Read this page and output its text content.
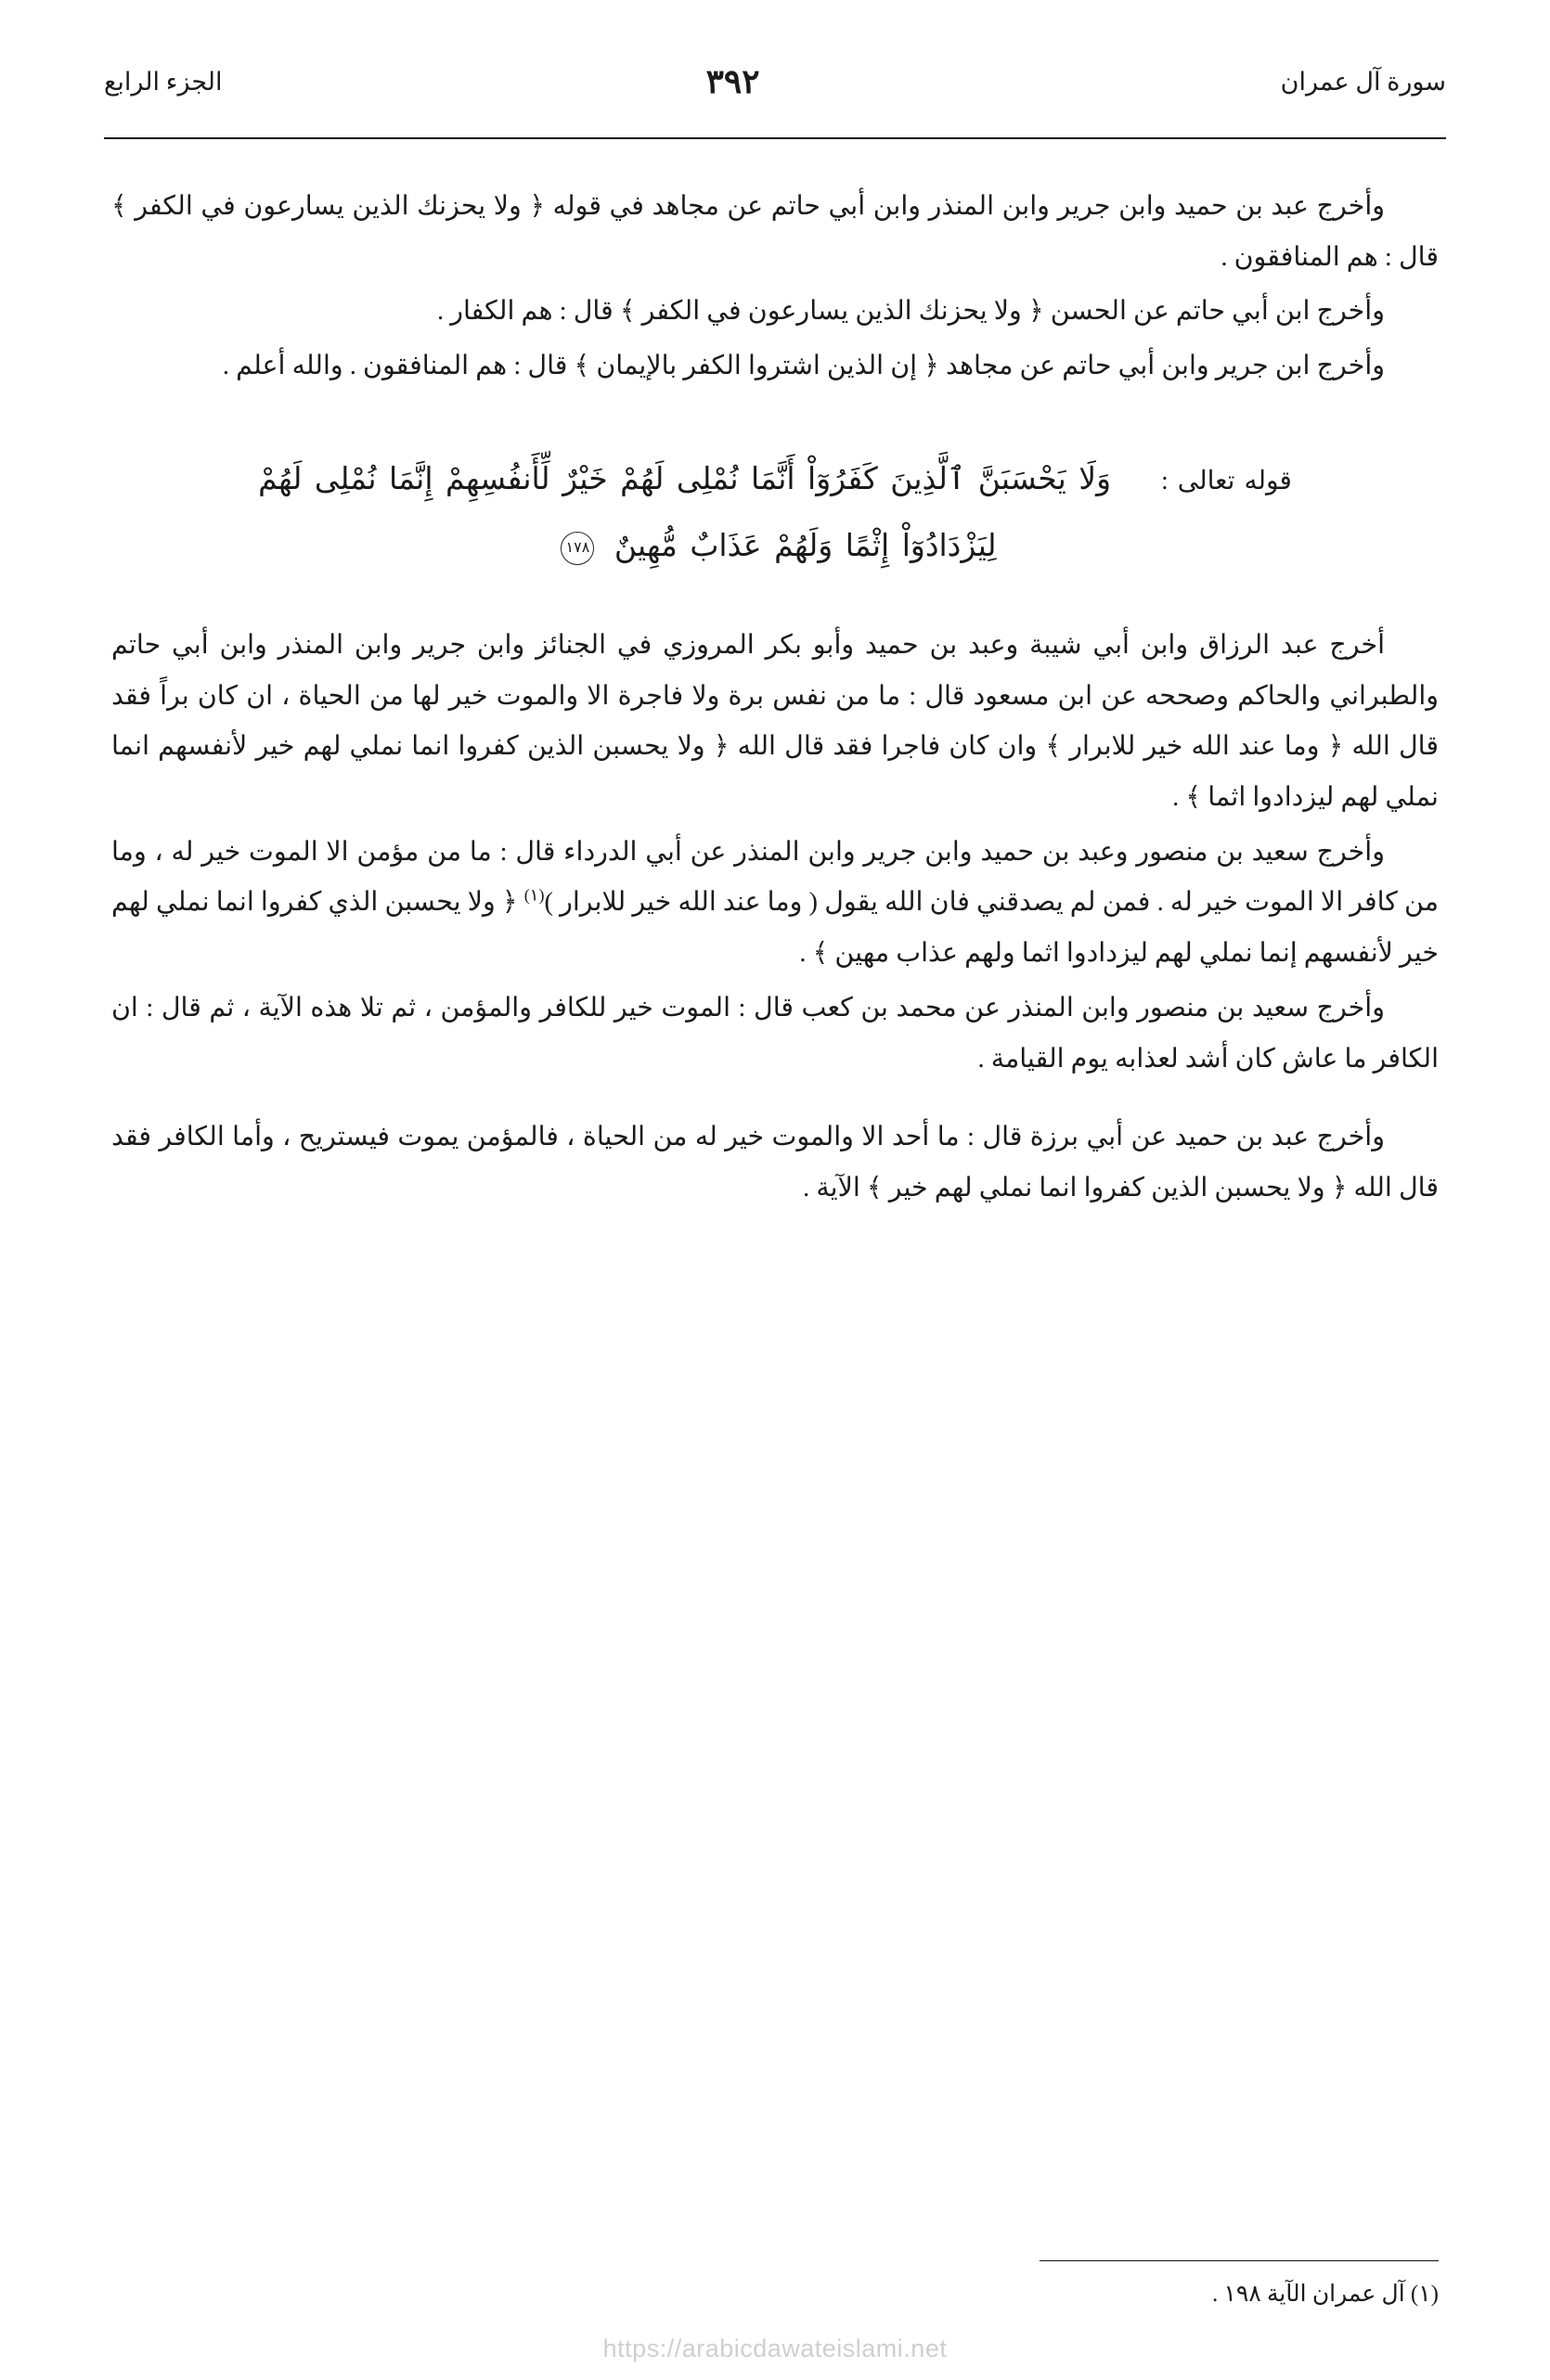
سورة آل عمران
٣٩٢
الجزء الرابع

وأخرج عبد بن حميد وابن جرير وابن المنذر وابن أبي حاتم عن مجاهد في قوله ﴿ ولا يحزنك الذين يسارعون في الكفر ﴾ قال : هم المنافقون .

وأخرج ابن أبي حاتم عن الحسن ﴿ ولا يحزنك الذين يسارعون في الكفر ﴾ قال : هم الكفار .

وأخرج ابن جرير وابن أبي حاتم عن مجاهد ﴿ إن الذين اشتروا الكفر بالإيمان ﴾ قال : هم المنافقون . والله أعلم .

قوله تعالى :    وَلَا يَحْسَبَنَّ ٱلَّذِينَ كَفَرُوٓاْ أَنَّمَا نُمْلِى لَهُمْ خَيْرٌ لِّأَنفُسِهِمْ إِنَّمَا نُمْلِى لَهُمْ
لِيَزْدَادُوٓاْ إِثْمًا وَلَهُمْ عَذَابٌ مُّهِينٌ ١٧٨

أخرج عبد الرزاق وابن أبي شيبة وعبد بن حميد وأبو بكر المروزي في الجنائز وابن جرير وابن المنذر وابن أبي حاتم والطبراني والحاكم وصححه عن ابن مسعود قال : ما من نفس برة ولا فاجرة الا والموت خير لها من الحياة ، ان كان براً فقد قال الله ﴿ وما عند الله خير للابرار ﴾ وان كان فاجرا فقد قال الله ﴿ ولا يحسبن الذين كفروا انما نملي لهم خير لأنفسهم انما نملي لهم ليزدادوا اثما ﴾ .

وأخرج سعيد بن منصور وعبد بن حميد وابن جرير وابن المنذر عن أبي الدرداء قال : ما من مؤمن الا الموت خير له ، وما من كافر الا الموت خير له . فمن لم يصدقني فان الله يقول ( وما عند الله خير للابرار )$^{(١)}$ ﴿ ولا يحسبن الذي كفروا انما نملي لهم خير لأنفسهم إنما نملي لهم ليزدادوا اثما ولهم عذاب مهين ﴾ .

وأخرج سعيد بن منصور وابن المنذر عن محمد بن كعب قال : الموت خير للكافر والمؤمن ، ثم تلا هذه الآية ، ثم قال : ان الكافر ما عاش كان أشد لعذابه يوم القيامة .

وأخرج عبد بن حميد عن أبي برزة قال : ما أحد الا والموت خير له من الحياة ، فالمؤمن يموت فيستريح ، وأما الكافر فقد قال الله ﴿ ولا يحسبن الذين كفروا انما نملي لهم خير ﴾ الآية .

(١) آل عمران الآية ١٩٨ .
https://arabicdawateislami.net
